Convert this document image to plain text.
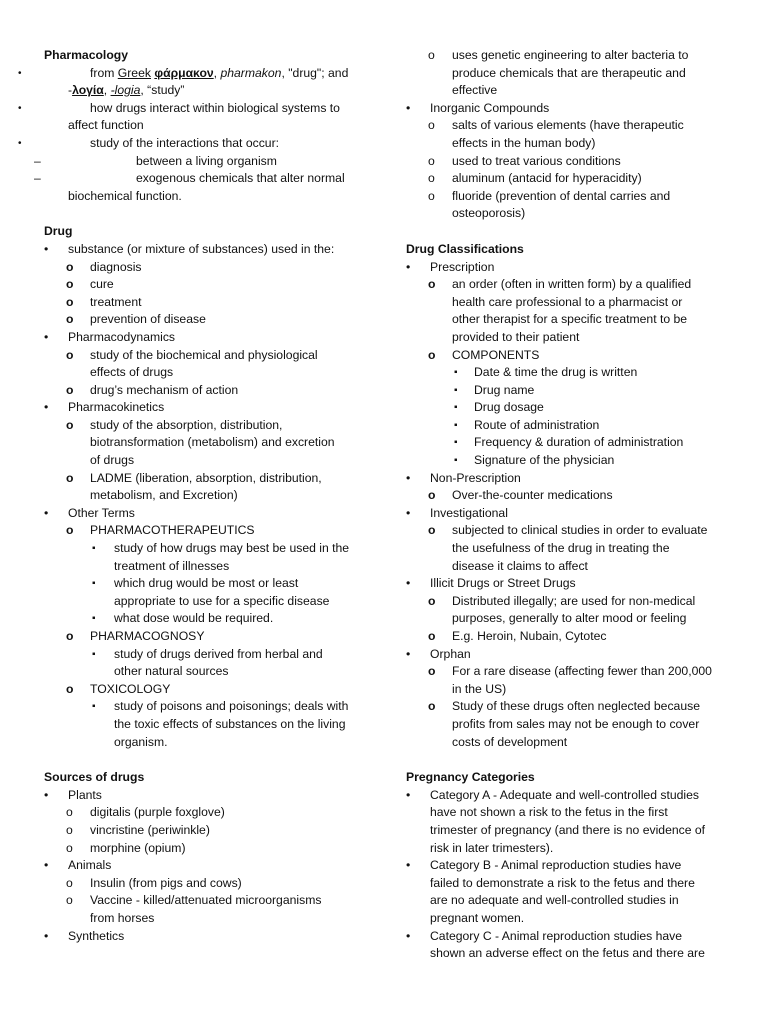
Pharmacology
•	from Greek φάρμακον, pharmakon, "drug"; and
-λογία, -logia, “study”
•	how drugs interact within biological systems to
affect function
•	study of the interactions that occur:
–	between a living organism
–	exogenous chemicals that alter normal
biochemical function.
Drug
• substance (or mixture of substances) used in the:
o diagnosis
o cure
o treatment
o prevention of disease
• Pharmacodynamics
o study of the biochemical and physiological
effects of drugs
o drug’s mechanism of action
• Pharmacokinetics
o study of the absorption, distribution,
biotransformation (metabolism) and excretion
of drugs
o LADME (liberation, absorption, distribution,
metabolism, and Excretion)
• Other Terms
o PHARMACOTHERAPEUTICS
▪ study of how drugs may best be used in the
treatment of illnesses
▪ which drug would be most or least
appropriate to use for a specific disease
▪ what dose would be required.
o PHARMACOGNOSY
▪ study of drugs derived from herbal and
other natural sources
o TOXICOLOGY
▪ study of poisons and poisonings; deals with
the toxic effects of substances on the living
organism.
Sources of drugs
• Plants
o digitalis (purple foxglove)
o vincristine (periwinkle)
o morphine (opium)
• Animals
o Insulin (from pigs and cows)
o Vaccine - killed/attenuated microorganisms
from horses
• Synthetics
o uses genetic engineering to alter bacteria to
produce chemicals that are therapeutic and
effective
• Inorganic Compounds
o salts of various elements (have therapeutic
effects in the human body)
o used to treat various conditions
o aluminum (antacid for hyperacidity)
o fluoride (prevention of dental carries and
osteoporosis)
Drug Classifications
• Prescription
o an order (often in written form) by a qualified
health care professional to a pharmacist or
other therapist for a specific treatment to be
provided to their patient
o COMPONENTS
▪ Date & time the drug is written
▪ Drug name
▪ Drug dosage
▪ Route of administration
▪ Frequency & duration of administration
▪ Signature of the physician
• Non-Prescription
o Over-the-counter medications
• Investigational
o subjected to clinical studies in order to evaluate
the usefulness of the drug in treating the
disease it claims to affect
• Illicit Drugs or Street Drugs
o Distributed illegally; are used for non-medical
purposes, generally to alter mood or feeling
o E.g. Heroin, Nubain, Cytotec
• Orphan
o For a rare disease (affecting fewer than 200,000
in the US)
o Study of these drugs often neglected because
profits from sales may not be enough to cover
costs of development
Pregnancy Categories
• Category A - Adequate and well-controlled studies
have not shown a risk to the fetus in the first
trimester of pregnancy (and there is no evidence of
risk in later trimesters).
• Category B - Animal reproduction studies have
failed to demonstrate a risk to the fetus and there
are no adequate and well-controlled studies in
pregnant women.
• Category C - Animal reproduction studies have
shown an adverse effect on the fetus and there are
